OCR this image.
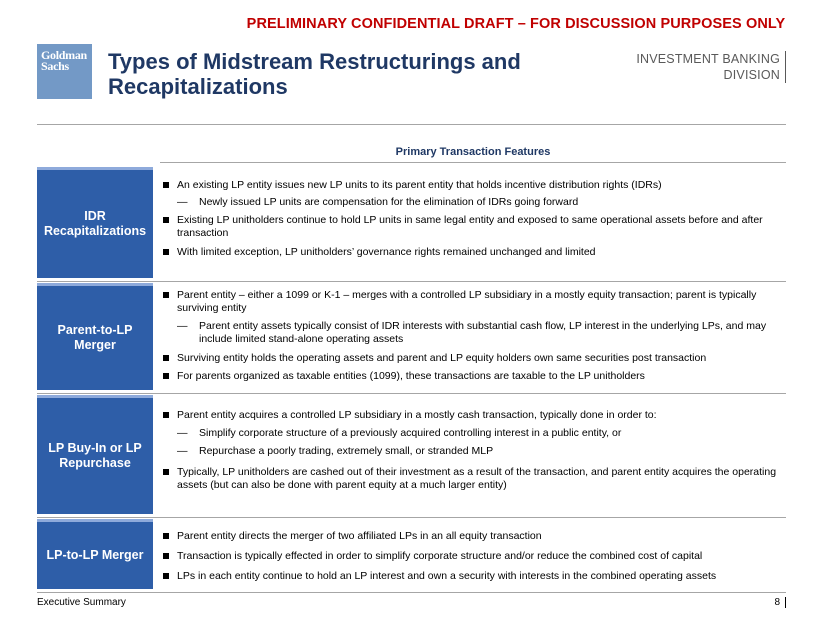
PRELIMINARY CONFIDENTIAL DRAFT – FOR DISCUSSION PURPOSES ONLY
Goldman
Sachs	Types of Midstream Restructurings and Recapitalizations
INVESTMENT BANKING
DIVISION
Primary Transaction Features
IDR Recapitalizations
An existing LP entity issues new LP units to its parent entity that holds incentive distribution rights (IDRs)
— Newly issued LP units are compensation for the elimination of IDRs going forward
Existing LP unitholders continue to hold LP units in same legal entity and exposed to same operational assets before and after transaction
With limited exception, LP unitholders’ governance rights remained unchanged and limited
Parent-to-LP Merger
Parent entity – either a 1099 or K-1 – merges with a controlled LP subsidiary in a mostly equity transaction; parent is typically surviving entity
— Parent entity assets typically consist of IDR interests with substantial cash flow, LP interest in the underlying LPs, and may include limited stand-alone operating assets
Surviving entity holds the operating assets and parent and LP equity holders own same securities post transaction
For parents organized as taxable entities (1099), these transactions are taxable to the LP unitholders
LP Buy-In or LP Repurchase
Parent entity acquires a controlled LP subsidiary in a mostly cash transaction, typically done in order to:
— Simplify corporate structure of a previously acquired controlling interest in a public entity, or
— Repurchase a poorly trading, extremely small, or stranded MLP
Typically, LP unitholders are cashed out of their investment as a result of the transaction, and parent entity acquires the operating assets (but can also be done with parent equity at a much larger entity)
LP-to-LP Merger
Parent entity directs the merger of two affiliated LPs in an all equity transaction
Transaction is typically effected in order to simplify corporate structure and/or reduce the combined cost of capital
LPs in each entity continue to hold an LP interest and own a security with interests in the combined operating assets
Executive Summary	8
